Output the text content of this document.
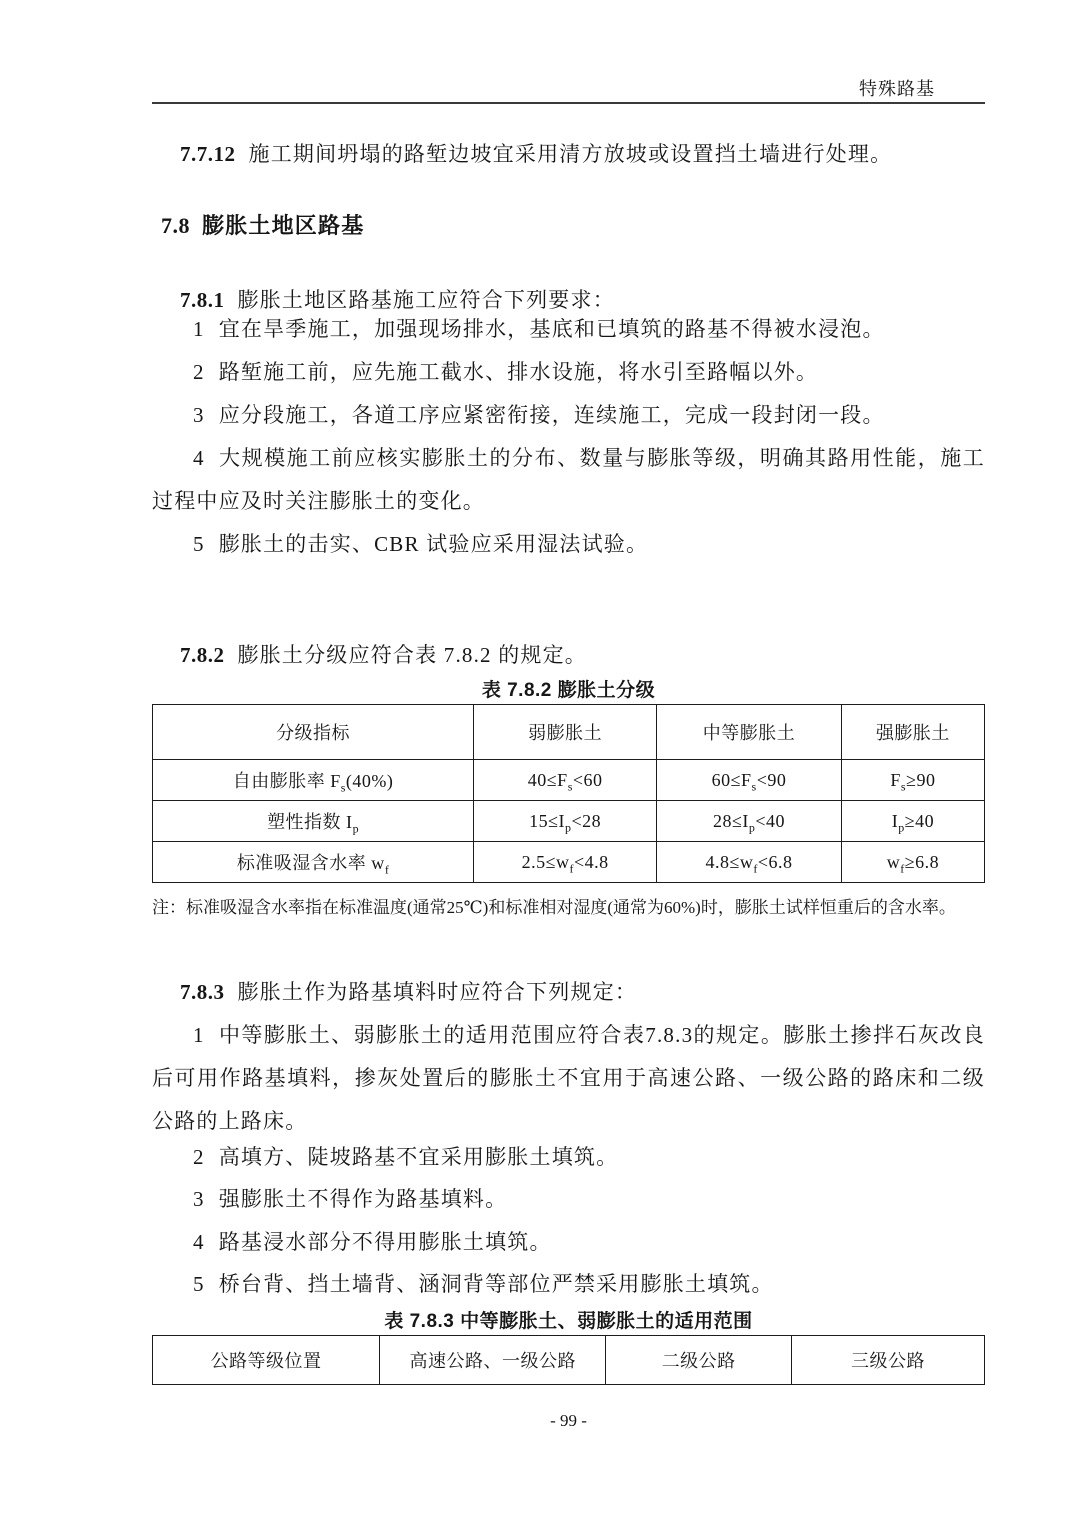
特殊路基

7.7.12 施工期间坍塌的路堑边坡宜采用清方放坡或设置挡土墙进行处理。

7.8 膨胀土地区路基

7.8.1 膨胀土地区路基施工应符合下列要求：

1 宜在旱季施工，加强现场排水，基底和已填筑的路基不得被水浸泡。

2 路堑施工前，应先施工截水、排水设施，将水引至路幅以外。

3 应分段施工，各道工序应紧密衔接，连续施工，完成一段封闭一段。

4 大规模施工前应核实膨胀土的分布、数量与膨胀等级，明确其路用性能，施工过程中应及时关注膨胀土的变化。

5 膨胀土的击实、CBR 试验应采用湿法试验。

7.8.2 膨胀土分级应符合表 7.8.2 的规定。

表 7.8.2 膨胀土分级

分级指标	弱膨胀土	中等膨胀土	强膨胀土
自由膨胀率 $F_s(40\%)$	$40\le F_s<60$	$60\le F_s<90$	$F_s\ge 90$
塑性指数 $I_p$	$15\le I_p<28$	$28\le I_p<40$	$I_p\ge 40$
标准吸湿含水率 $w_f$	$2.5\le w_f<4.8$	$4.8\le w_f<6.8$	$w_f\ge 6.8$

注：标准吸湿含水率指在标准温度(通常25℃)和标准相对湿度(通常为60%)时，膨胀土试样恒重后的含水率。

7.8.3 膨胀土作为路基填料时应符合下列规定：

1 中等膨胀土、弱膨胀土的适用范围应符合表7.8.3的规定。膨胀土掺拌石灰改良后可用作路基填料，掺灰处置后的膨胀土不宜用于高速公路、一级公路的路床和二级公路的上路床。

2 高填方、陡坡路基不宜采用膨胀土填筑。

3 强膨胀土不得作为路基填料。

4 路基浸水部分不得用膨胀土填筑。

5 桥台背、挡土墙背、涵洞背等部位严禁采用膨胀土填筑。

表 7.8.3 中等膨胀土、弱膨胀土的适用范围

公路等级位置	高速公路、一级公路	二级公路	三级公路
- 99 -
